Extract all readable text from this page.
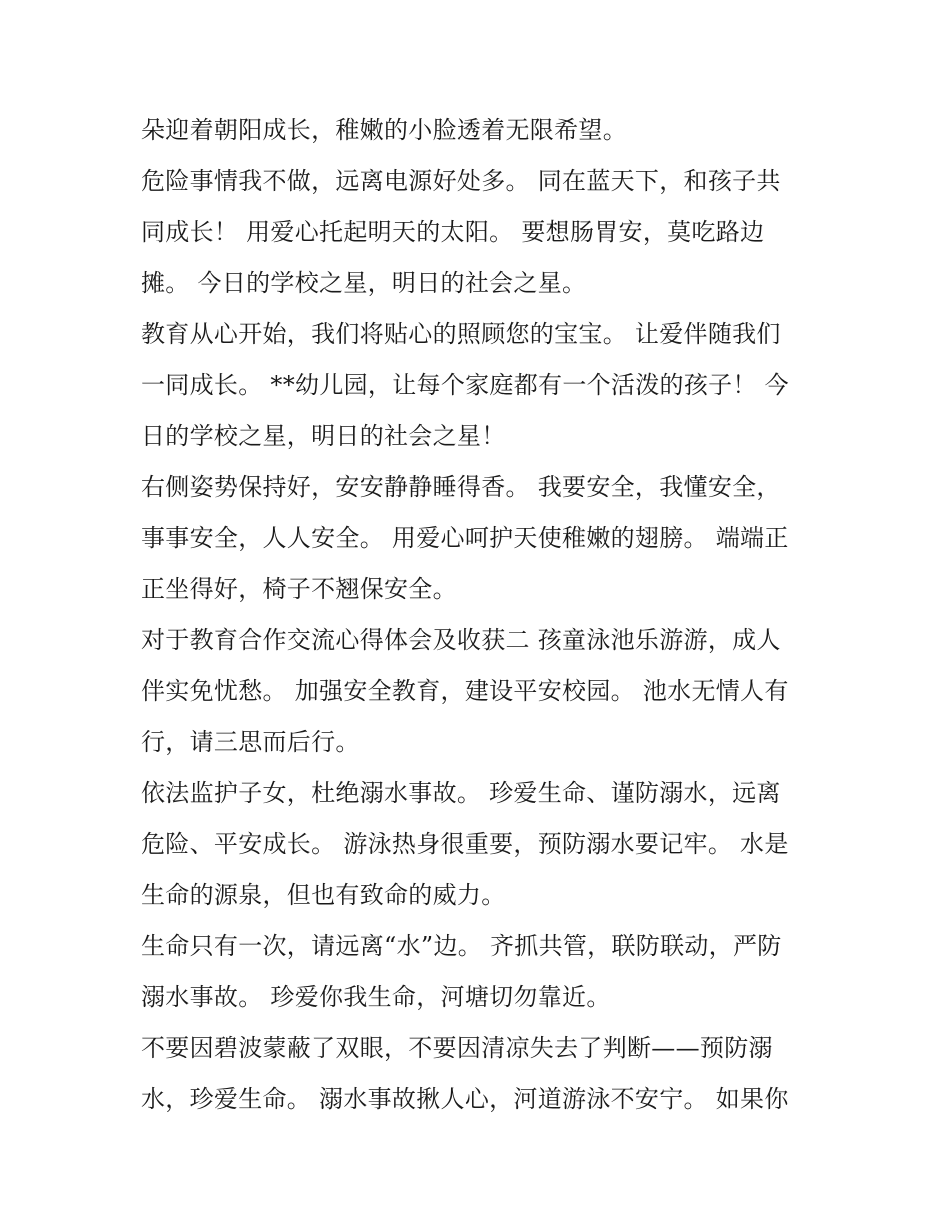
朵迎着朝阳成长，稚嫩的小脸透着无限希望。
危险事情我不做，远离电源好处多。 同在蓝天下，和孩子共
同成长！ 用爱心托起明天的太阳。 要想肠胃安，莫吃路边
摊。 今日的学校之星，明日的社会之星。
教育从心开始，我们将贴心的照顾您的宝宝。 让爱伴随我们
一同成长。 **幼儿园，让每个家庭都有一个活泼的孩子！ 今
日的学校之星，明日的社会之星！
右侧姿势保持好，安安静静睡得香。 我要安全，我懂安全，
事事安全，人人安全。 用爱心呵护天使稚嫩的翅膀。 端端正
正坐得好，椅子不翘保安全。
对于教育合作交流心得体会及收获二 孩童泳池乐游游，成人
伴实免忧愁。 加强安全教育，建设平安校园。 池水无情人有
行，请三思而后行。
依法监护子女，杜绝溺水事故。 珍爱生命、谨防溺水，远离
危险、平安成长。 游泳热身很重要，预防溺水要记牢。 水是
生命的源泉，但也有致命的威力。
生命只有一次，请远离“水”边。 齐抓共管，联防联动，严防
溺水事故。 珍爱你我生命，河塘切勿靠近。
不要因碧波蒙蔽了双眼，不要因清凉失去了判断——预防溺
水，珍爱生命。 溺水事故揪人心，河道游泳不安宁。 如果你
